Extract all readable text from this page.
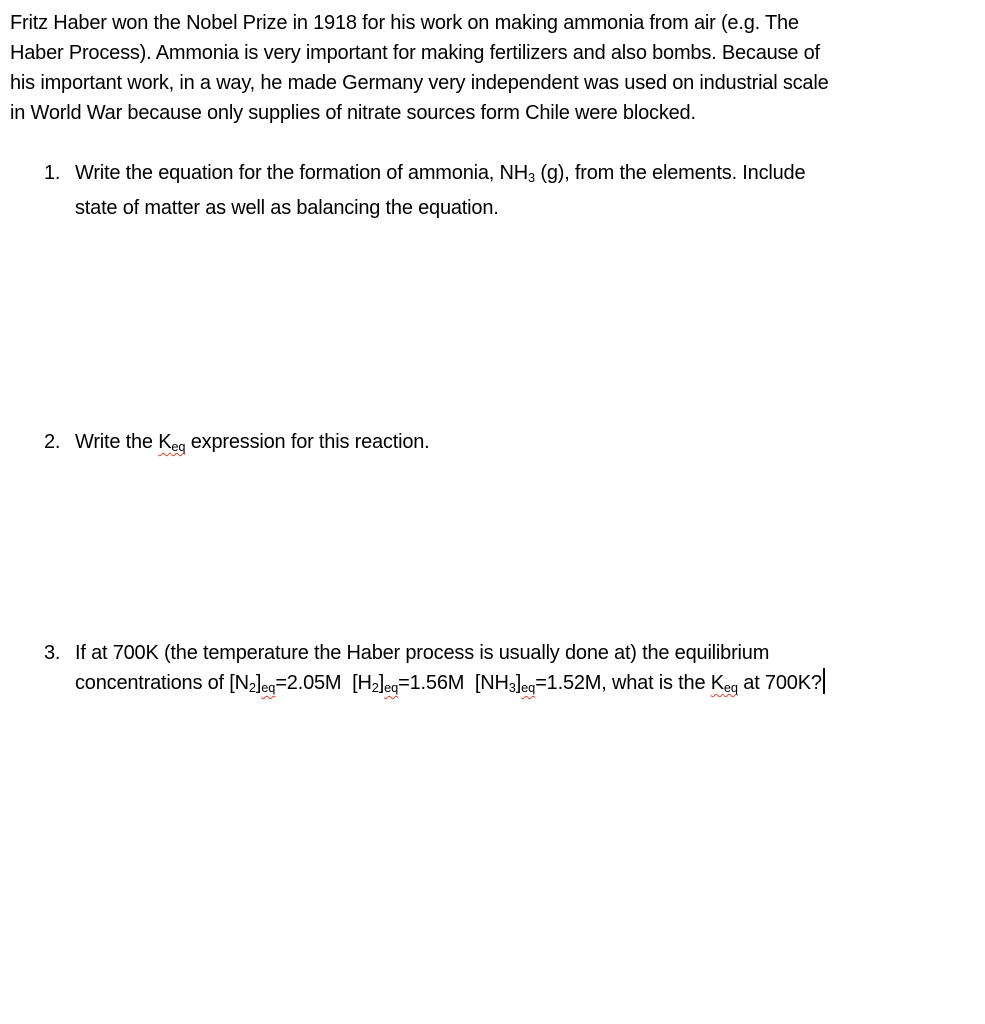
Fritz Haber won the Nobel Prize in 1918 for his work on making ammonia from air (e.g. The
Haber Process). Ammonia is very important for making fertilizers and also bombs. Because of
his important work, in a way, he made Germany very independent was used on industrial scale
in World War because only supplies of nitrate sources form Chile were blocked.
1. Write the equation for the formation of ammonia, $NH_3$ (g), from the elements. Include
state of matter as well as balancing the equation.
2. Write the $K_{eq}$ expression for this reaction.
3. If at 700K (the temperature the Haber process is usually done at) the equilibrium
concentrations of $[N_2]_{eq}=2.05M$  $[H_2]_{eq}=1.56M$  $[NH_3]_{eq}=1.52M$, what is the $K_{eq}$ at 700K?
